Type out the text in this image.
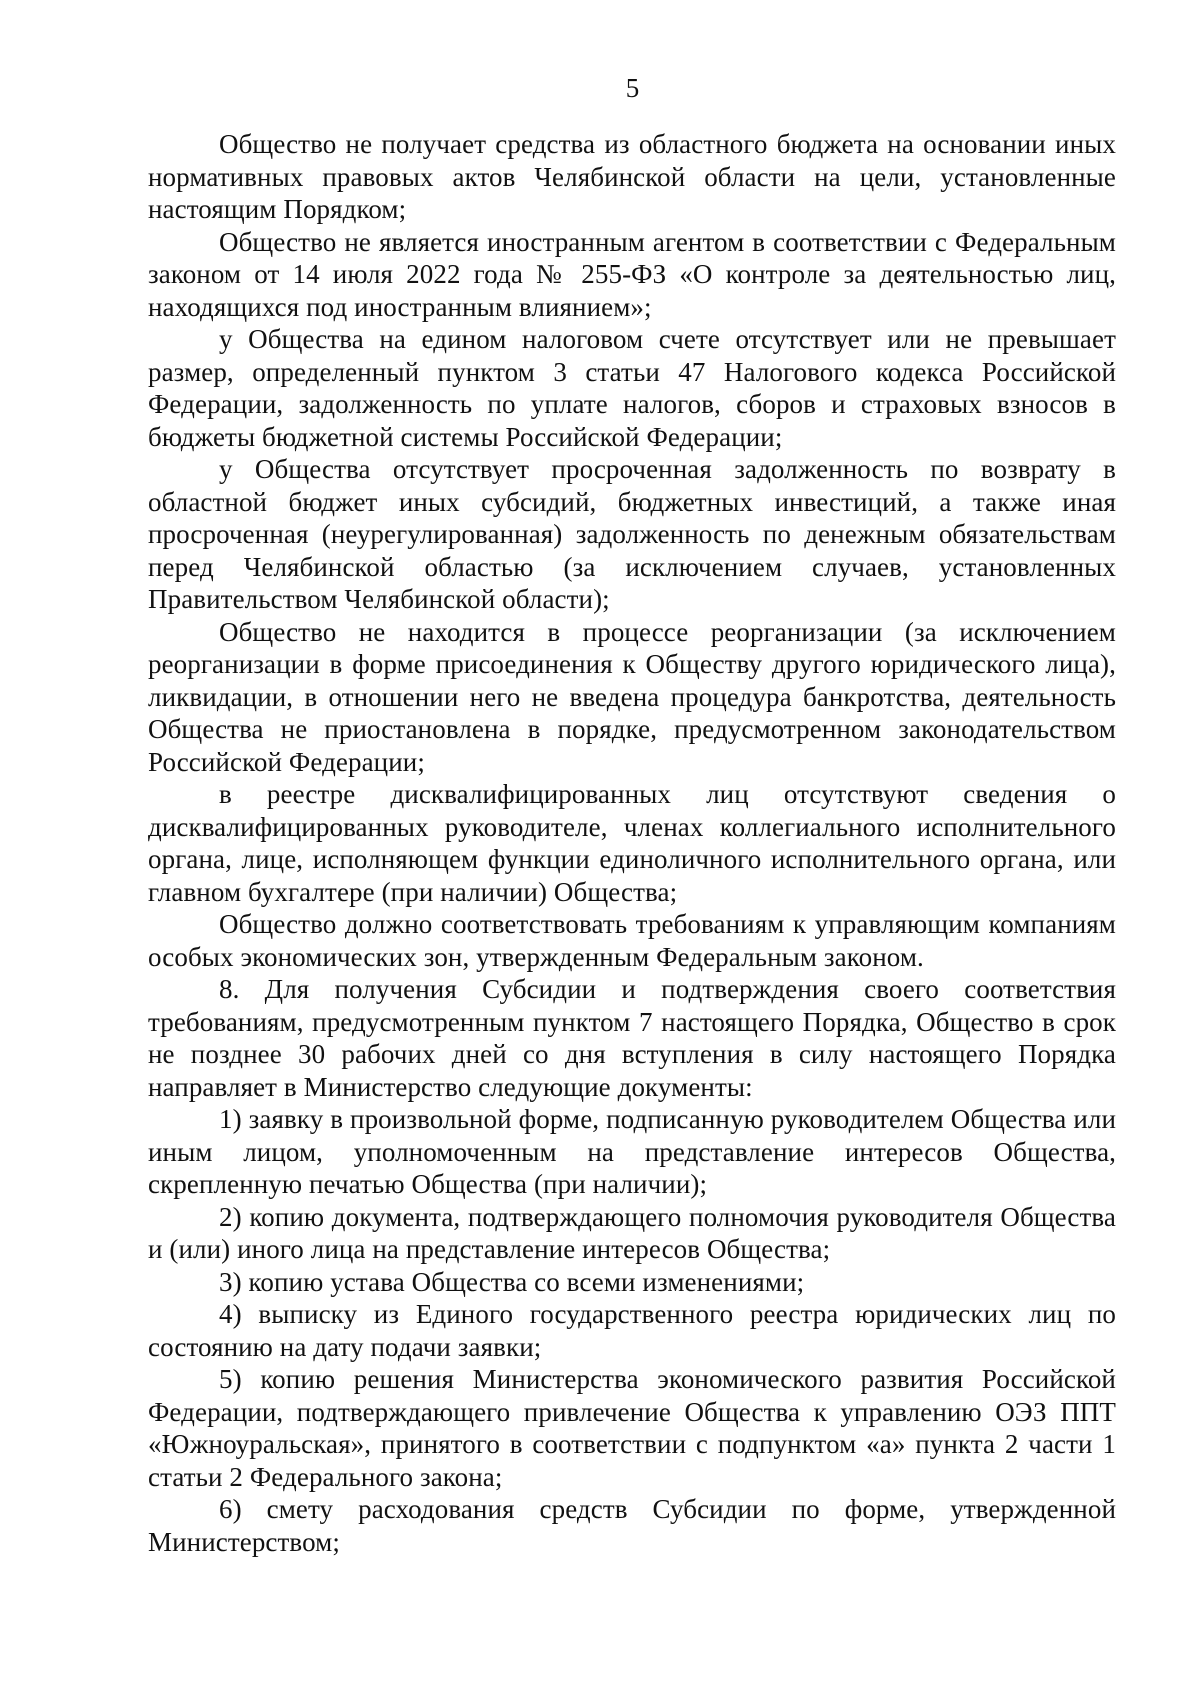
5

Общество не получает средства из областного бюджета на основании иных нормативных правовых актов Челябинской области на цели, установленные настоящим Порядком;

Общество не является иностранным агентом в соответствии с Федеральным законом от 14 июля 2022 года № 255-ФЗ «О контроле за деятельностью лиц, находящихся под иностранным влиянием»;

у Общества на едином налоговом счете отсутствует или не превышает размер, определенный пунктом 3 статьи 47 Налогового кодекса Российской Федерации, задолженность по уплате налогов, сборов и страховых взносов в бюджеты бюджетной системы Российской Федерации;

у Общества отсутствует просроченная задолженность по возврату в областной бюджет иных субсидий, бюджетных инвестиций, а также иная просроченная (неурегулированная) задолженность по денежным обязательствам перед Челябинской областью (за исключением случаев, установленных Правительством Челябинской области);

Общество не находится в процессе реорганизации (за исключением реорганизации в форме присоединения к Обществу другого юридического лица), ликвидации, в отношении него не введена процедура банкротства, деятельность Общества не приостановлена в порядке, предусмотренном законодательством Российской Федерации;

в реестре дисквалифицированных лиц отсутствуют сведения о дисквалифицированных руководителе, членах коллегиального исполнительного органа, лице, исполняющем функции единоличного исполнительного органа, или главном бухгалтере (при наличии) Общества;

Общество должно соответствовать требованиям к управляющим компаниям особых экономических зон, утвержденным Федеральным законом.

8. Для получения Субсидии и подтверждения своего соответствия требованиям, предусмотренным пунктом 7 настоящего Порядка, Общество в срок не позднее 30 рабочих дней со дня вступления в силу настоящего Порядка направляет в Министерство следующие документы:

1) заявку в произвольной форме, подписанную руководителем Общества или иным лицом, уполномоченным на представление интересов Общества, скрепленную печатью Общества (при наличии);

2) копию документа, подтверждающего полномочия руководителя Общества и (или) иного лица на представление интересов Общества;

3) копию устава Общества со всеми изменениями;

4) выписку из Единого государственного реестра юридических лиц по состоянию на дату подачи заявки;

5) копию решения Министерства экономического развития Российской Федерации, подтверждающего привлечение Общества к управлению ОЭЗ ППТ «Южноуральская», принятого в соответствии с подпунктом «а» пункта 2 части 1 статьи 2 Федерального закона;

6) смету расходования средств Субсидии по форме, утвержденной Министерством;
